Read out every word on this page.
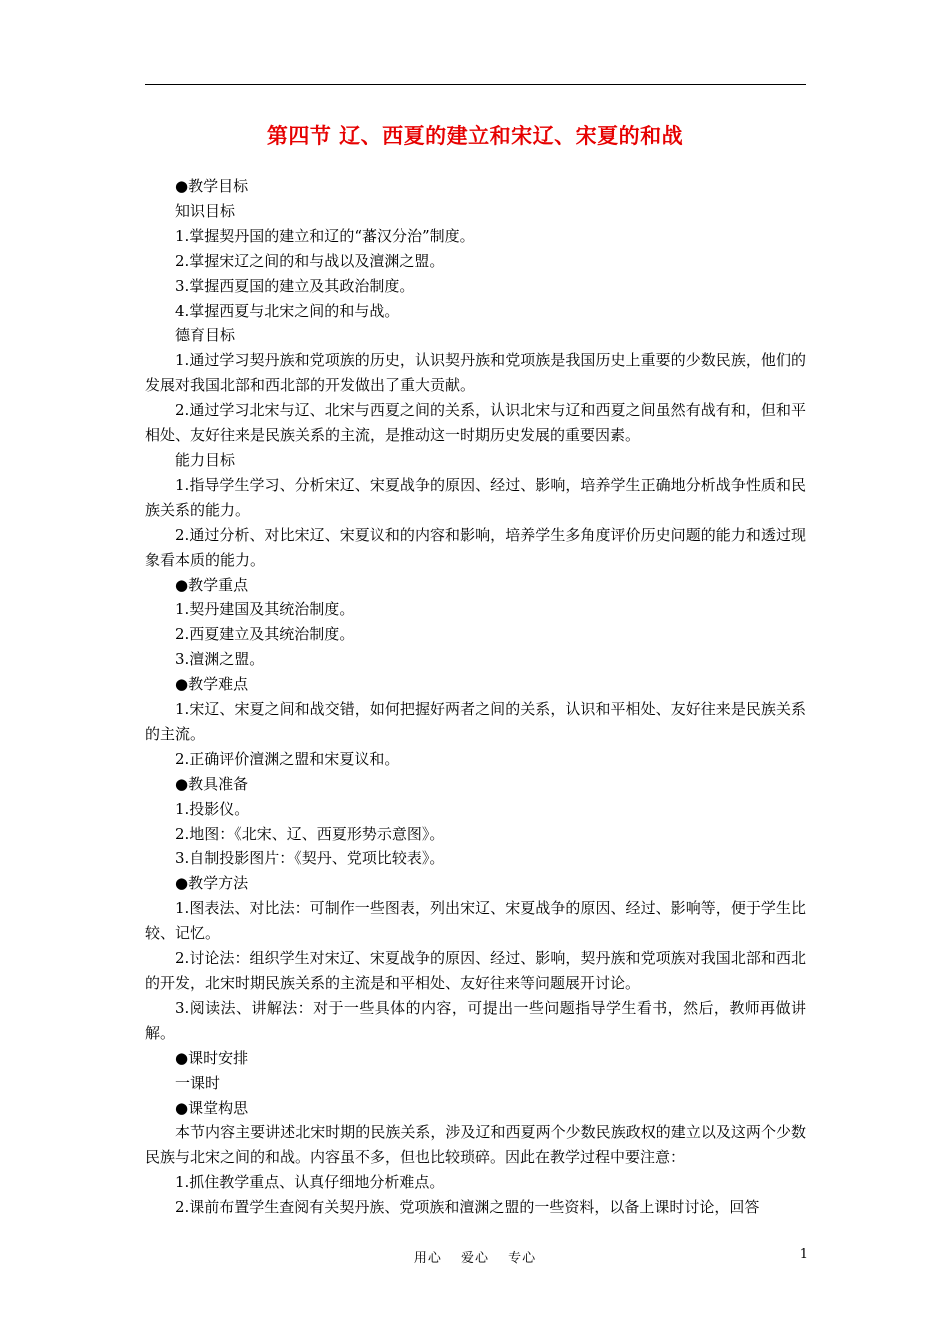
第四节 辽、西夏的建立和宋辽、宋夏的和战
●教学目标
知识目标
1.掌握契丹国的建立和辽的“蕃汉分治”制度。
2.掌握宋辽之间的和与战以及澶渊之盟。
3.掌握西夏国的建立及其政治制度。
4.掌握西夏与北宋之间的和与战。
德育目标
1.通过学习契丹族和党项族的历史，认识契丹族和党项族是我国历史上重要的少数民族，他们的发展对我国北部和西北部的开发做出了重大贡献。
2.通过学习北宋与辽、北宋与西夏之间的关系，认识北宋与辽和西夏之间虽然有战有和，但和平相处、友好往来是民族关系的主流，是推动这一时期历史发展的重要因素。
能力目标
1.指导学生学习、分析宋辽、宋夏战争的原因、经过、影响，培养学生正确地分析战争性质和民族关系的能力。
2.通过分析、对比宋辽、宋夏议和的内容和影响，培养学生多角度评价历史问题的能力和透过现象看本质的能力。
●教学重点
1.契丹建国及其统治制度。
2.西夏建立及其统治制度。
3.澶渊之盟。
●教学难点
1.宋辽、宋夏之间和战交错，如何把握好两者之间的关系，认识和平相处、友好往来是民族关系的主流。
2.正确评价澶渊之盟和宋夏议和。
●教具准备
1.投影仪。
2.地图：《北宋、辽、西夏形势示意图》。
3.自制投影图片：《契丹、党项比较表》。
●教学方法
1.图表法、对比法：可制作一些图表，列出宋辽、宋夏战争的原因、经过、影响等，便于学生比较、记忆。
2.讨论法：组织学生对宋辽、宋夏战争的原因、经过、影响，契丹族和党项族对我国北部和西北的开发，北宋时期民族关系的主流是和平相处、友好往来等问题展开讨论。
3.阅读法、讲解法：对于一些具体的内容，可提出一些问题指导学生看书，然后，教师再做讲解。
●课时安排
一课时
●课堂构思
本节内容主要讲述北宋时期的民族关系，涉及辽和西夏两个少数民族政权的建立以及这两个少数民族与北宋之间的和战。内容虽不多，但也比较琐碎。因此在教学过程中要注意：
1.抓住教学重点、认真仔细地分析难点。
2.课前布置学生查阅有关契丹族、党项族和澶渊之盟的一些资料，以备上课时讨论，回答
用心 爱心 专心	1
